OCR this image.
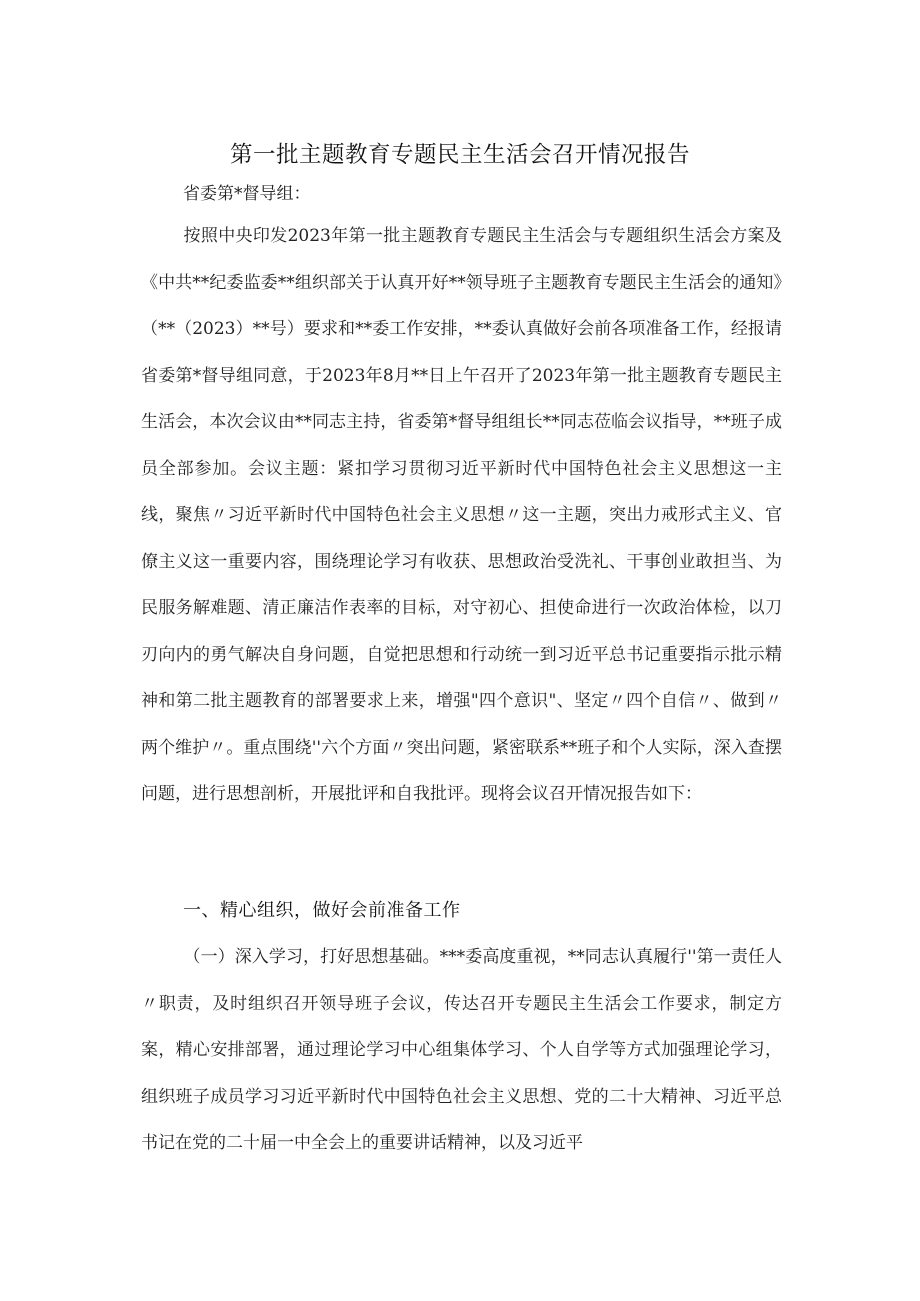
第一批主题教育专题民主生活会召开情况报告
省委第*督导组：

按照中央印发2023年第一批主题教育专题民主生活会与专题组织生活会方案及《中共**纪委监委**组织部关于认真开好**领导班子主题教育专题民主生活会的通知》（**（2023）**号）要求和**委工作安排，**委认真做好会前各项准备工作，经报请省委第*督导组同意，于2023年8月**日上午召开了2023年第一批主题教育专题民主生活会，本次会议由**同志主持，省委第*督导组组长**同志莅临会议指导，**班子成员全部参加。会议主题：紧扣学习贯彻习近平新时代中国特色社会主义思想这一主线，聚焦〃习近平新时代中国特色社会主义思想〃这一主题，突出力戒形式主义、官僚主义这一重要内容，围绕理论学习有收获、思想政治受洗礼、干事创业敢担当、为民服务解难题、清正廉洁作表率的目标，对守初心、担使命进行一次政治体检，以刀刃向内的勇气解决自身问题，自觉把思想和行动统一到习近平总书记重要指示批示精神和第二批主题教育的部署要求上来，增强"四个意识"、坚定〃四个自信〃、做到〃两个维护〃。重点围绕''六个方面〃突出问题，紧密联系**班子和个人实际，深入查摆问题，进行思想剖析，开展批评和自我批评。现将会议召开情况报告如下：

一、精心组织，做好会前准备工作

（一）深入学习，打好思想基础。***委高度重视，**同志认真履行''第一责任人〃职责，及时组织召开领导班子会议，传达召开专题民主生活会工作要求，制定方案，精心安排部署，通过理论学习中心组集体学习、个人自学等方式加强理论学习，组织班子成员学习习近平新时代中国特色社会主义思想、党的二十大精神、习近平总书记在党的二十届一中全会上的重要讲话精神，以及习近平
